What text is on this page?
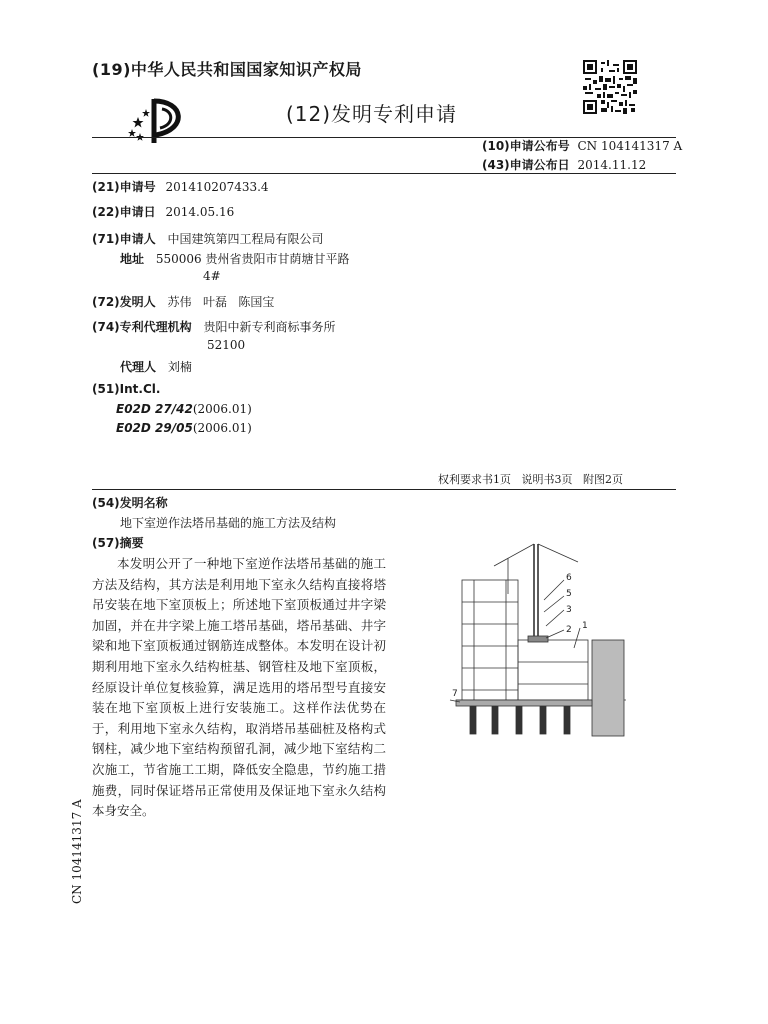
(19)中华人民共和国国家知识产权局
(12)发明专利申请
(10)申请公布号 CN 104141317 A
(43)申请公布日 2014.11.12
(21)申请号 201410207433.4
(22)申请日 2014.05.16
(71)申请人 中国建筑第四工程局有限公司
地址 550006 贵州省贵阳市甘荫塘甘平路
4#
(72)发明人 苏伟   叶磊   陈国宝
(74)专利代理机构 贵阳中新专利商标事务所
52100
代理人 刘楠
(51)Int.Cl.
E02D 27/42(2006.01)
E02D 29/05(2006.01)
权利要求书1页   说明书3页   附图2页
(54)发明名称
地下室逆作法塔吊基础的施工方法及结构
(57)摘要

本发明公开了一种地下室逆作法塔吊基础的施工方法及结构，其方法是利用地下室永久结构直接将塔吊安装在地下室顶板上；所述地下室顶板通过井字梁加固，并在井字梁上施工塔吊基础，塔吊基础、井字梁和地下室顶板通过钢筋连成整体。本发明在设计初期利用地下室永久结构桩基、钢管柱及地下室顶板，经原设计单位复核验算，满足选用的塔吊型号直接安装在地下室顶板上进行安装施工。这样作法优势在于，利用地下室永久结构，取消塔吊基础桩及格构式钢柱，减少地下室结构预留孔洞，减少地下室结构二次施工，节省施工工期，降低安全隐患，节约施工措施费，同时保证塔吊正常使用及保证地下室永久结构本身安全。

6
5
3
2 1
7
CN 104141317 A
